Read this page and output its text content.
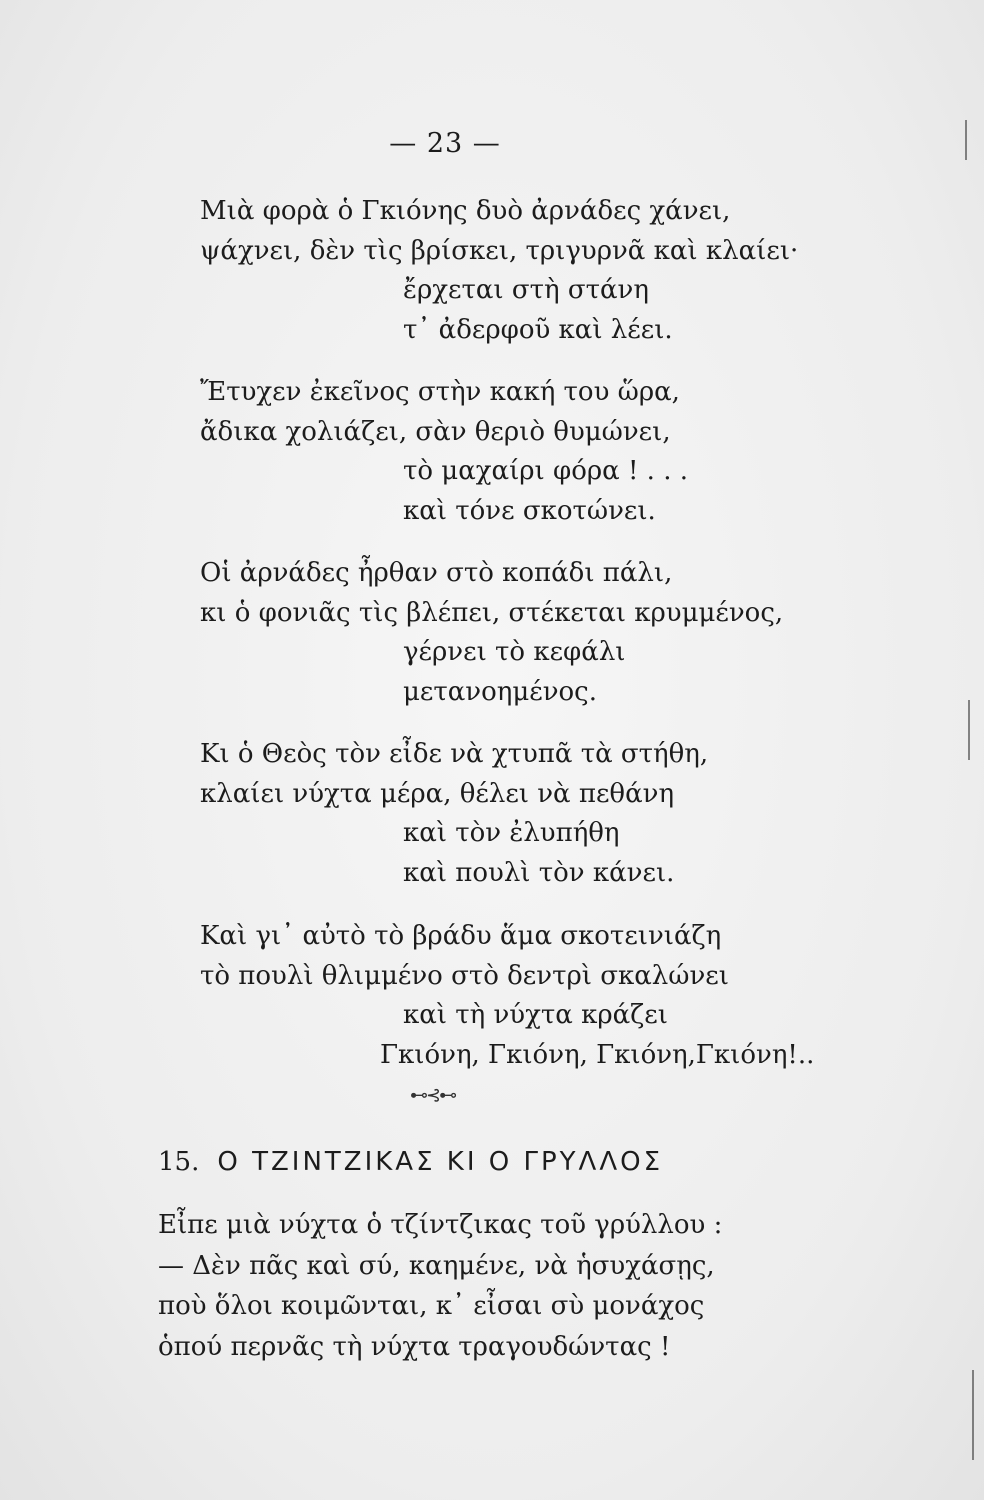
— 23 —
Μιὰ φορὰ ὁ Γκιόνης δυὸ ἀρνάδες χάνει,
ψάχνει, δὲν τὶς βρίσκει, τριγυρνᾶ καὶ κλαίει·
ἔρχεται στὴ στάνη
τ᾽ ἀδερφοῦ καὶ λέει.
Ἔτυχεν ἐκεῖνος στὴν κακή του ὥρα,
ἄδικα χολιάζει, σὰν θεριὸ θυμώνει,
τὸ μαχαίρι φόρα ! . . .
καὶ τόνε σκοτώνει.
Οἱ ἀρνάδες ἦρθαν στὸ κοπάδι πάλι,
κι ὁ φονιᾶς τὶς βλέπει, στέκεται κρυμμένος,
γέρνει τὸ κεφάλι
μετανοημένος.
Κι ὁ Θεὸς τὸν εἶδε νὰ χτυπᾶ τὰ στήθη,
κλαίει νύχτα μέρα, θέλει νὰ πεθάνη
καὶ τὸν ἐλυπήθη
καὶ πουλὶ τὸν κάνει.
Καὶ γι᾽ αὐτὸ τὸ βράδυ ἅμα σκοτεινιάζη
τὸ πουλὶ θλιμμένο στὸ δεντρὶ σκαλώνει
καὶ τὴ νύχτα κράζει
Γκιόνη, Γκιόνη, Γκιόνη,Γκιόνη!..
⊷⊰⊷
15. Ο ΤΖΙΝΤΖΙΚΑΣ ΚΙ Ο ΓΡΥΛΛΟΣ
Εἶπε μιὰ νύχτα ὁ τζίντζικας τοῦ γρύλλου :
— Δὲν πᾶς καὶ σύ, καημένε, νὰ ἡσυχάσῃς,
ποὺ ὅλοι κοιμῶνται, κ᾽ εἶσαι σὺ μονάχος
ὁπού περνᾶς τὴ νύχτα τραγουδώντας !
